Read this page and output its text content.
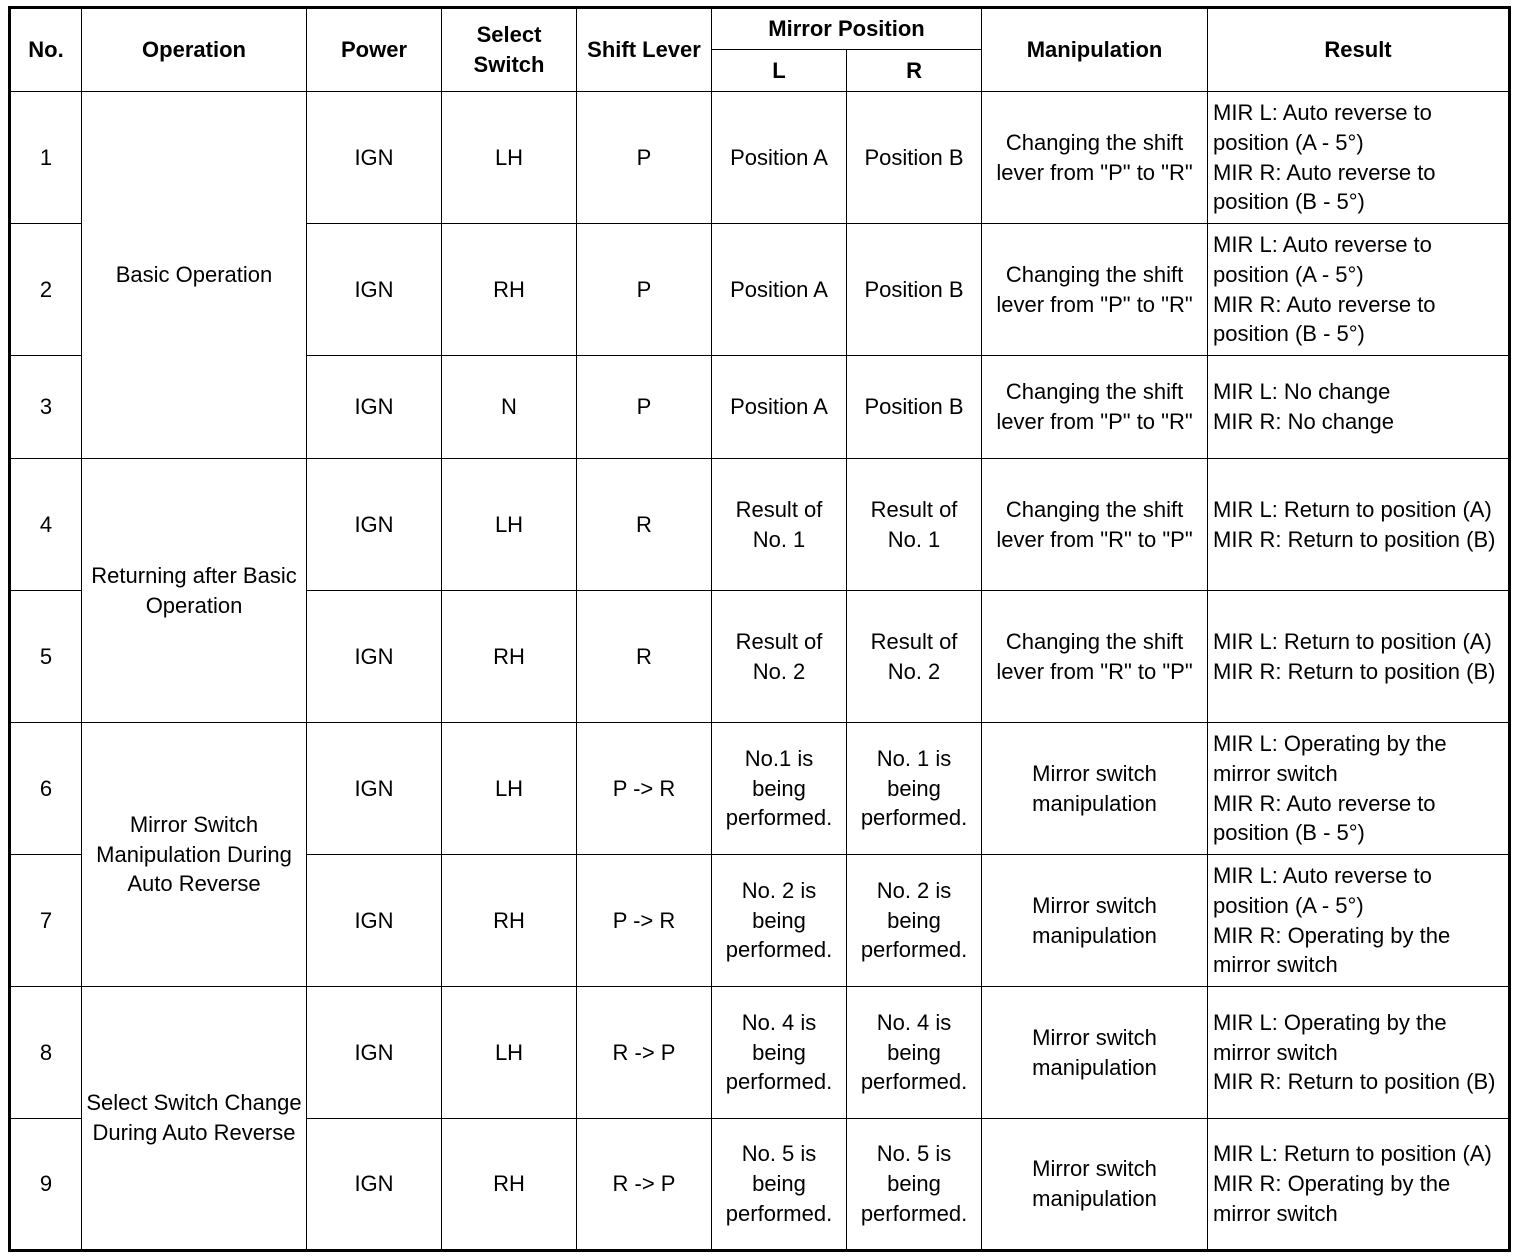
No.	Operation	Power	Select Switch	Shift Lever	Mirror Position		Manipulation	Result
					L	R		
1	Basic Operation	IGN	LH	P	Position A	Position B	Changing the shift lever from "P" to "R"	MIR L: Auto reverse to position (A - 5°)
MIR R: Auto reverse to position (B - 5°)

2		IGN	RH	P	Position A	Position B	Changing the shift lever from "P" to "R"	MIR L: Auto reverse to position (A - 5°)
MIR R: Auto reverse to position (B - 5°)

3		IGN	N	P	Position A	Position B	Changing the shift lever from "P" to "R"	MIR L: No change
MIR R: No change

4	Returning after Basic Operation	IGN	LH	R	Result of No. 1	Result of No. 1	Changing the shift lever from "R" to "P"	MIR L: Return to position (A)
MIR R: Return to position (B)

5		IGN	RH	R	Result of No. 2	Result of No. 2	Changing the shift lever from "R" to "P"	MIR L: Return to position (A)
MIR R: Return to position (B)

6	Mirror Switch Manipulation During Auto Reverse	IGN	LH	P -> R	No.1 is being performed.	No. 1 is being performed.	Mirror switch manipulation	MIR L: Operating by the mirror switch
MIR R: Auto reverse to position (B - 5°)

7		IGN	RH	P -> R	No. 2 is being performed.	No. 2 is being performed.	Mirror switch manipulation	MIR L: Auto reverse to position (A - 5°)
MIR R: Operating by the mirror switch

8	Select Switch Change During Auto Reverse	IGN	LH	R -> P	No. 4 is being performed.	No. 4 is being performed.	Mirror switch manipulation	MIR L: Operating by the mirror switch
MIR R: Return to position (B)

9		IGN	RH	R -> P	No. 5 is being performed.	No. 5 is being performed.	Mirror switch manipulation	MIR L: Return to position (A)
MIR R: Operating by the mirror switch
